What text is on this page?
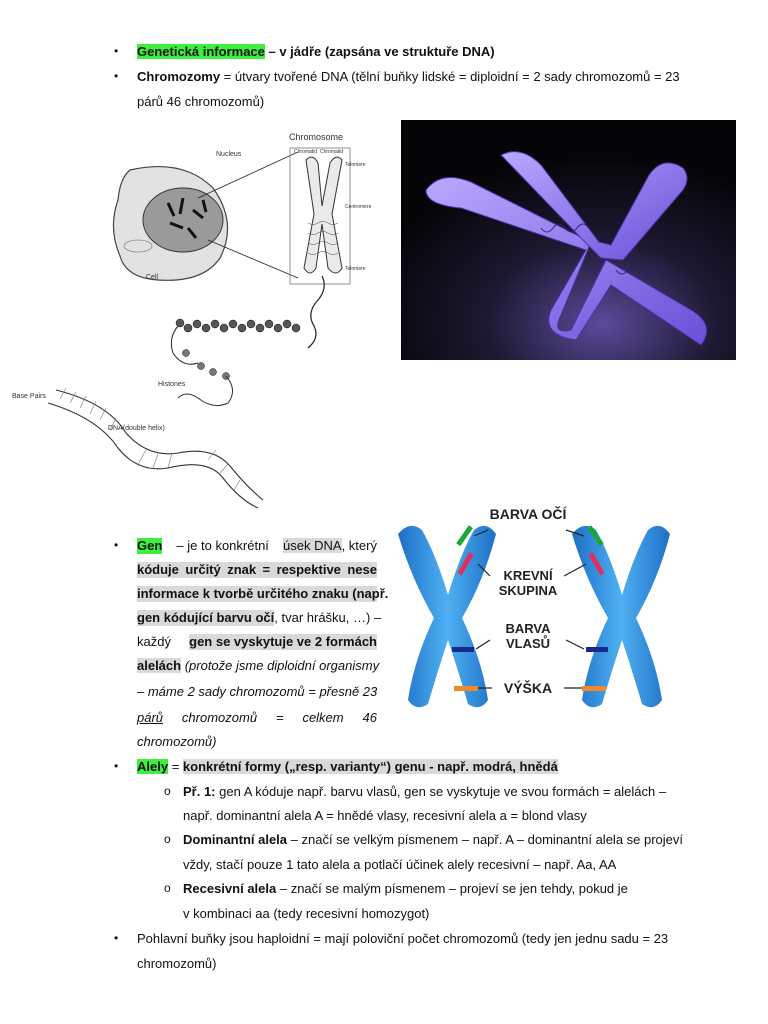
• Genetická informace – v jádře (zapsána ve struktuře DNA)
• Chromozomy = útvary tvořené DNA (tělní buňky lidské = diploidní = 2 sady chromozomů = 23
párů 46 chromozomů)
Chromosome
Chromatid Chromatid
Telomere
Centromere
Telomere
Nucleus
Cell
Histones
Base Pairs
DNA(double helix)
• Gen – je to konkrétní úsek DNA, který
kóduje určitý znak = respektive nese
informace k tvorbě určitého znaku (např.
gen kódující barvu očí , tvar hrášku, …) –
každý gen se vyskytuje ve 2 formách
alelách (protože jsme diploidní organismy
– máme 2 sady chromozomů = přesně 23
párů chromozomů = celkem 46
chromozomů)
BARVA OČÍ
KREVNÍ
SKUPINA
BARVA
VLASŮ
VÝŠKA
• Alely = konkrétní formy („resp. varianty“) genu - např. modrá, hnědá
o Př. 1: gen A kóduje např. barvu vlasů, gen se vyskytuje ve svou formách = alelách –
např. dominantní alela A = hnědé vlasy, recesivní alela a = blond vlasy
o Dominantní alela – značí se velkým písmenem – např. A – dominantní alela se projeví
vždy, stačí pouze 1 tato alela a potlačí účinek alely recesivní – např. Aa, AA
o Recesivní alela – značí se malým písmenem – projeví se jen tehdy, pokud je
v kombinaci aa (tedy recesivní homozygot)
• Pohlavní buňky jsou haploidní = mají poloviční počet chromozomů (tedy jen jednu sadu = 23
chromozomů)
